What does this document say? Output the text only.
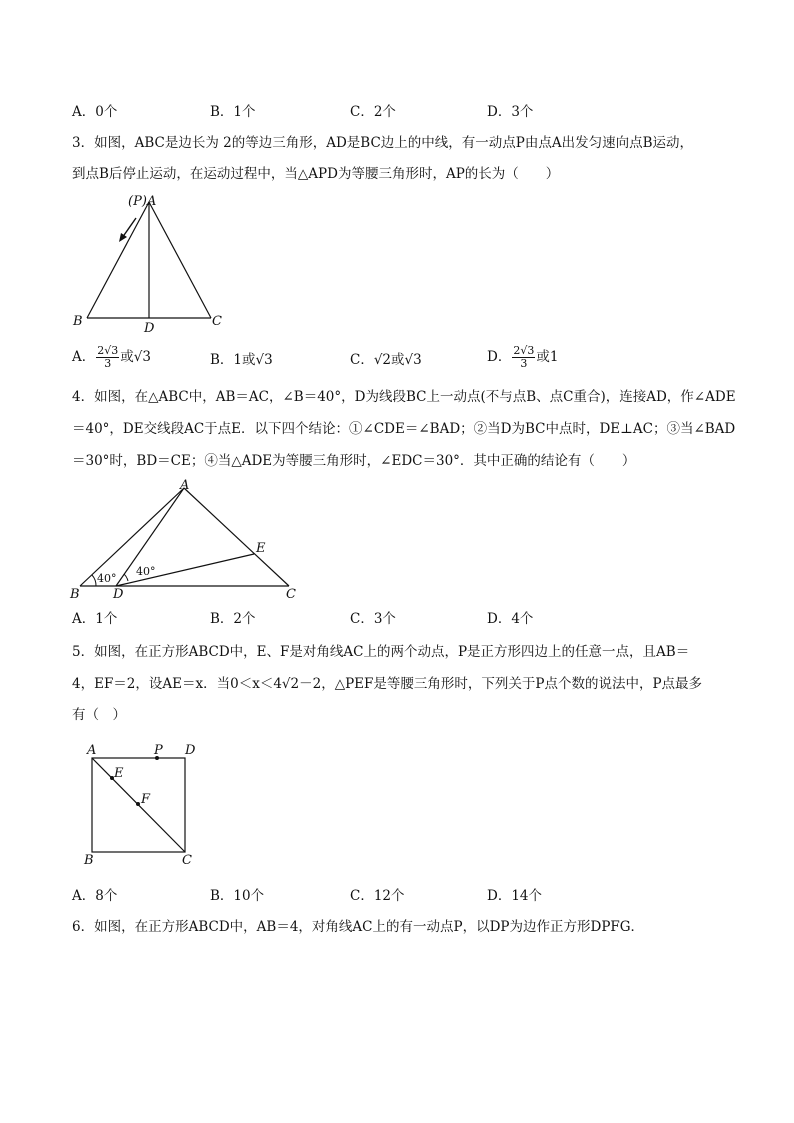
A．0个	B．1个	C．2个	D．3个
3．如图，ABC是边长为 2的等边三角形，AD是BC边上的中线，有一动点P由点A出发匀速向点B运动，
到点B后停止运动，在运动过程中，当△APD为等腰三角形时，AP的长为（　　）
(P) A
B	C
D
A． $\frac{2√3}{3}$ 或√3	B．1或√3	C．√2或√3	D． $\frac{2√3}{3}$ 或1
4．如图，在△ABC中，AB＝AC，∠B＝40°，D为线段BC上一动点(不与点B、点C重合)，连接AD，作∠ADE
＝40°，DE交线段AC于点E．以下四个结论：①∠CDE＝∠BAD；②当D为BC中点时，DE⊥AC；③当∠BAD
＝30°时，BD＝CE；④当△ADE为等腰三角形时，∠EDC＝30°．其中正确的结论有（　　）
A
B	C
D
E
40°
40°
A．1个	B．2个	C．3个	D．4个
5．如图，在正方形ABCD中，E、F是对角线AC上的两个动点，P是正方形四边上的任意一点，且AB＝
4，EF＝2，设AE＝x．当0＜x＜4√2－2，△PEF是等腰三角形时，下列关于P点个数的说法中，P点最多
有（　）
A	P D
E
F
B	C
A．8个	B．10个	C．12个	D．14个
6．如图，在正方形ABCD中，AB＝4，对角线AC上的有一动点P，以DP为边作正方形DPFG．
